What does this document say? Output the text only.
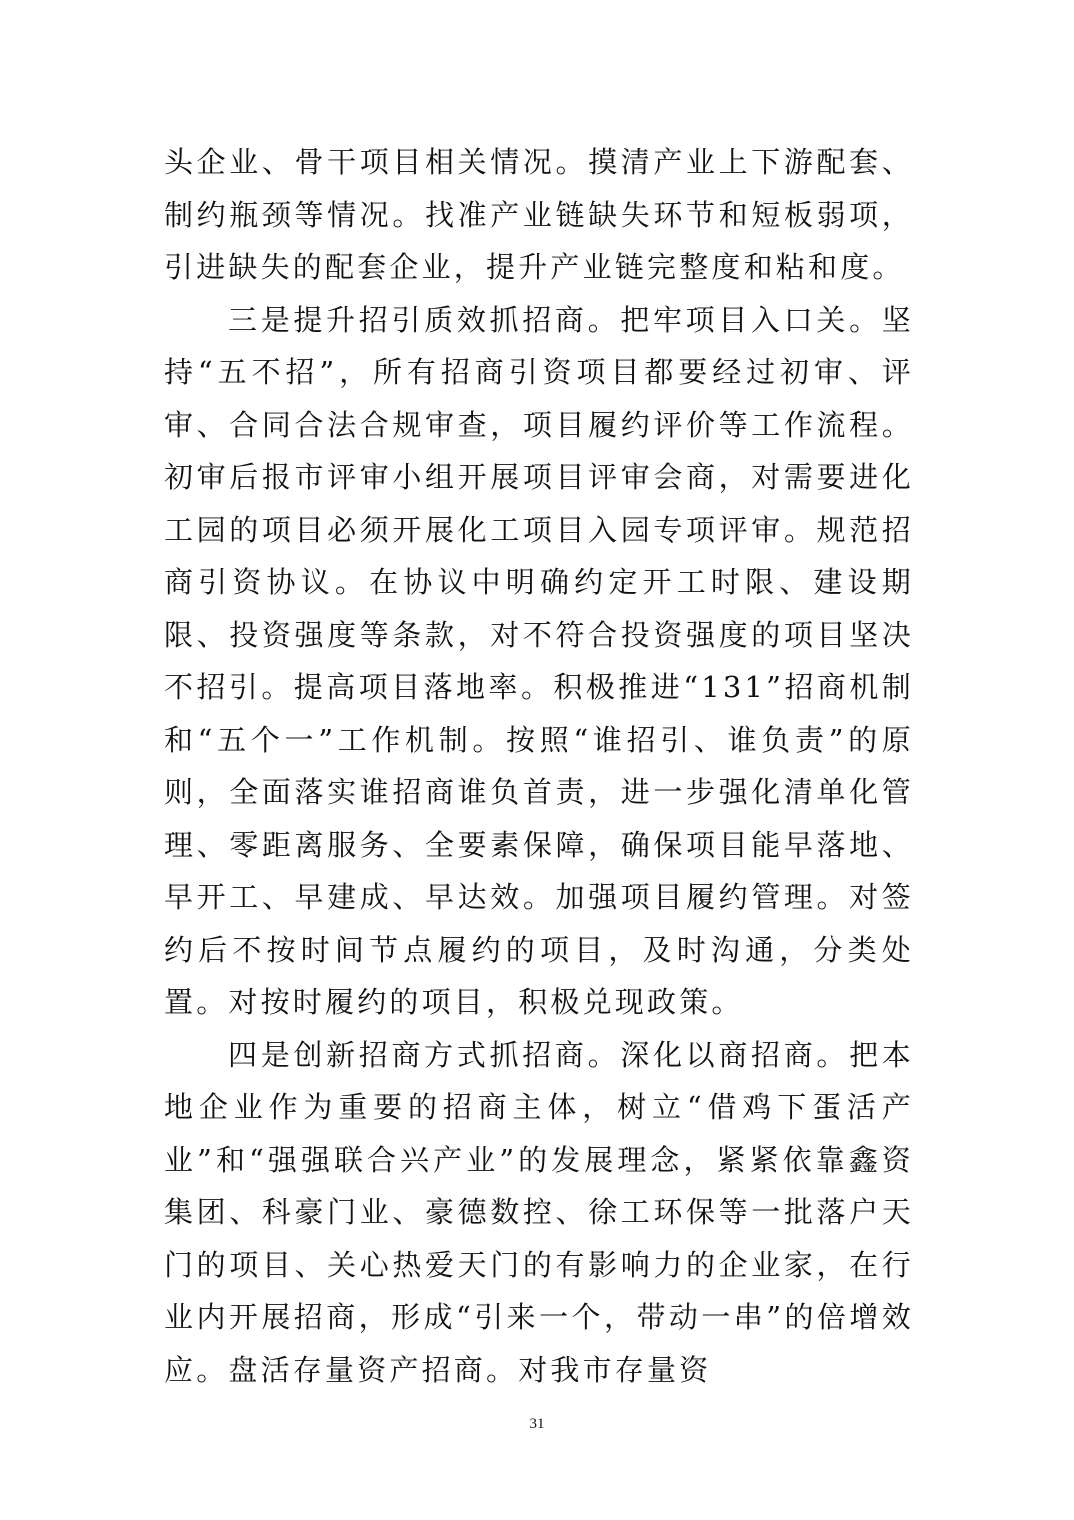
头企业、骨干项目相关情况。摸清产业上下游配套、制约瓶颈等情况。找准产业链缺失环节和短板弱项，引进缺失的配套企业，提升产业链完整度和粘和度。

三是提升招引质效抓招商。把牢项目入口关。坚持“五不招”，所有招商引资项目都要经过初审、评审、合同合法合规审查，项目履约评价等工作流程。初审后报市评审小组开展项目评审会商，对需要进化工园的项目必须开展化工项目入园专项评审。规范招商引资协议。在协议中明确约定开工时限、建设期限、投资强度等条款，对不符合投资强度的项目坚决不招引。提高项目落地率。积极推进“131”招商机制和“五个一”工作机制。按照“谁招引、谁负责”的原则，全面落实谁招商谁负首责，进一步强化清单化管理、零距离服务、全要素保障，确保项目能早落地、早开工、早建成、早达效。加强项目履约管理。对签约后不按时间节点履约的项目，及时沟通，分类处置。对按时履约的项目，积极兑现政策。

四是创新招商方式抓招商。深化以商招商。把本地企业作为重要的招商主体，树立“借鸡下蛋活产业”和“强强联合兴产业”的发展理念，紧紧依靠鑫资集团、科豪门业、豪德数控、徐工环保等一批落户天门的项目、关心热爱天门的有影响力的企业家，在行业内开展招商，形成“引来一个，带动一串”的倍增效应。盘活存量资产招商。对我市存量资

31
